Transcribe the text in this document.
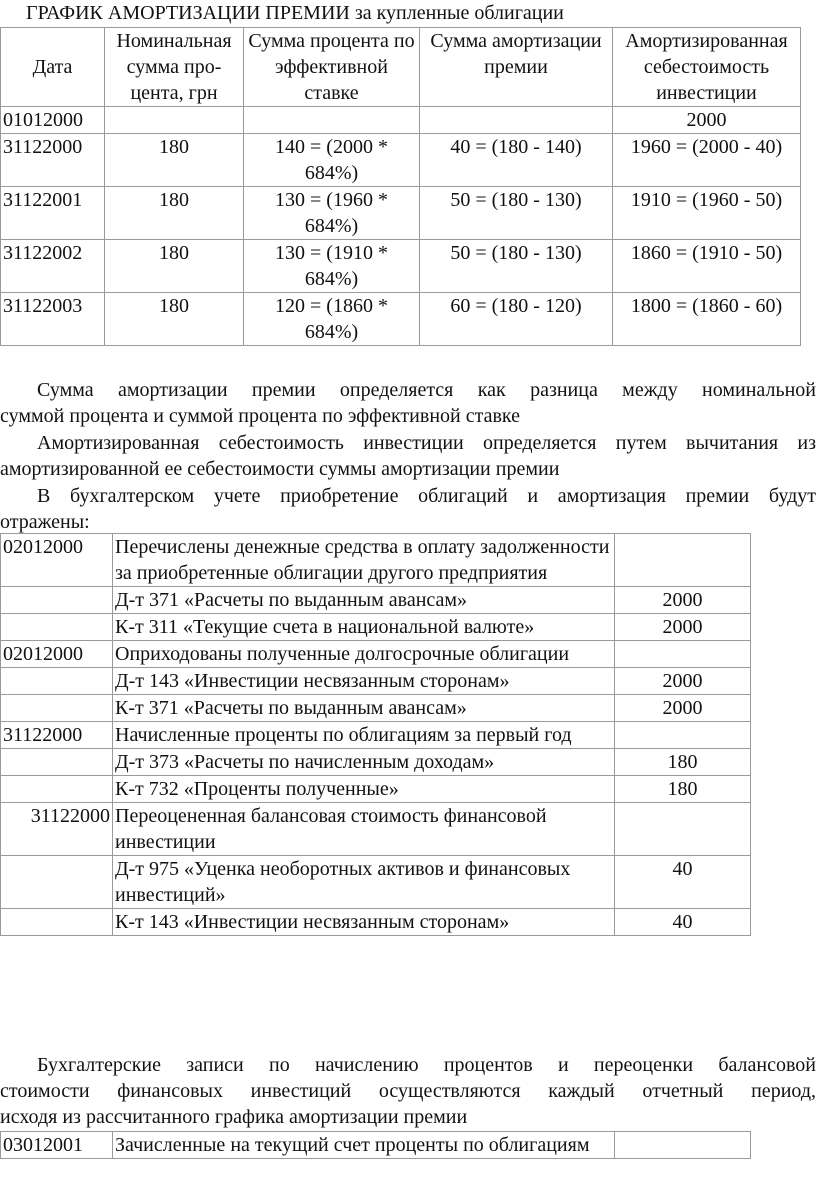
ГРАФИК АМОРТИЗАЦИИ ПРЕМИИ за купленные облигации
Дата	Номинальная сумма про-цента, грн	Сумма процента по эффективной ставке	Сумма амортизации премии	Амортизированная себестоимость инвестиции
01012000				2000
31122000	180	140 = (2000 * 684%)	40 = (180 - 140)	1960 = (2000 - 40)
31122001	180	130 = (1960 * 684%)	50 = (180 - 130)	1910 = (1960 - 50)
31122002	180	130 = (1910 * 684%)	50 = (180 - 130)	1860 = (1910 - 50)
31122003	180	120 = (1860 * 684%)	60 = (180 - 120)	1800 = (1860 - 60)
Сумма амортизации премии определяется как разница между номинальной
суммой процента и суммой процента по эффективной ставке
Амортизированная себестоимость инвестиции определяется путем вычитания из
амортизированной ее себестоимости суммы амортизации премии
В бухгалтерском учете приобретение облигаций и амортизация премии будут
отражены:
02012000	Перечислены денежные средства в оплату задолженности за приобретенные облигации другого предприятия	
	Д-т 371 «Расчеты по выданным авансам»	2000
	К-т 311 «Текущие счета в национальной валюте»	2000
02012000	Оприходованы полученные долгосрочные облигации	
	Д-т 143 «Инвестиции несвязанным сторонам»	2000
	К-т 371 «Расчеты по выданным авансам»	2000
31122000	Начисленные проценты по облигациям за первый год	
	Д-т 373 «Расчеты по начисленным доходам»	180
	К-т 732 «Проценты полученные»	180
31122000	Переоцененная балансовая стоимость финансовой инвестиции	
	Д-т 975 «Уценка необоротных активов и финансовых инвестиций»	40
	К-т 143 «Инвестиции несвязанным сторонам»	40
Бухгалтерские записи по начислению процентов и переоценки балансовой
стоимости финансовых инвестиций осуществляются каждый отчетный период,
исходя из рассчитанного графика амортизации премии
03012001	Зачисленные на текущий счет проценты по облигациям	
